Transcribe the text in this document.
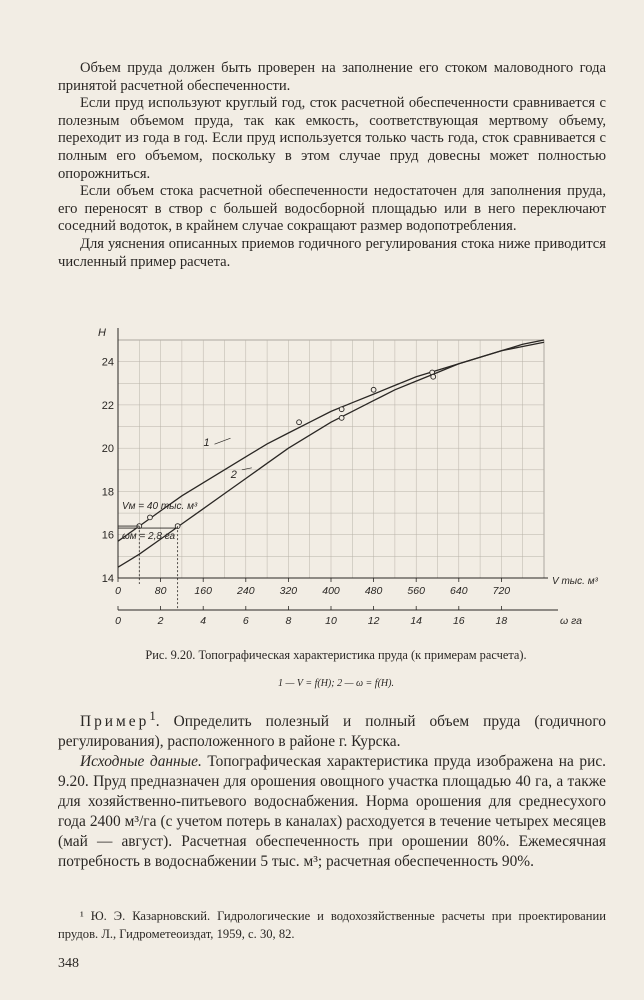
Объем пруда должен быть проверен на заполнение его стоком маловодного года принятой расчетной обеспеченности.

Если пруд используют круглый год, сток расчетной обеспеченности сравнивается с полезным объемом пруда, так как емкость, соответствующая мертвому объему, переходит из года в год. Если пруд используется только часть года, сток сравнивается с полным его объемом, поскольку в этом случае пруд довесны может полностью опорожниться.

Если объем стока расчетной обеспеченности недостаточен для заполнения пруда, его переносят в створ с большей водосборной площадью или в него переключают соседний водоток, в крайнем случае сокращают размер водопотребления.

Для уяснения описанных приемов годичного регулирования стока ниже приводится численный пример расчета.

H
14
16
18
20
22
24
0	80	160 240 320 400 480 560 640 720
V тыс. м³
0	2	4	6	8	10	12	14	16	18	ω га
1
2
Vм = 40 тыс. м³
ωм = 2,8 га
Рис. 9.20. Топографическая характеристика пруда (к примерам расчета).
1 — V = f(H); 2 — ω = f(H).

Пример$^1$. Определить полезный и полный объем пруда (годичного регулирования), расположенного в районе г. Курска.

Исходные данные. Топографическая характеристика пруда изображена на рис. 9.20. Пруд предназначен для орошения овощного участка площадью 40 га, а также для хозяйственно-питьевого водоснабжения. Норма орошения для среднесухого года 2400 м³/га (с учетом потерь в каналах) расходуется в течение четырех месяцев (май — август). Расчетная обеспеченность при орошении 80%. Ежемесячная потребность в водоснабжении 5 тыс. м³; расчетная обеспеченность 90%.

¹ Ю. Э. Казарновский. Гидрологические и водохозяйственные расчеты при проектировании прудов. Л., Гидрометеоиздат, 1959, с. 30, 82.
348
